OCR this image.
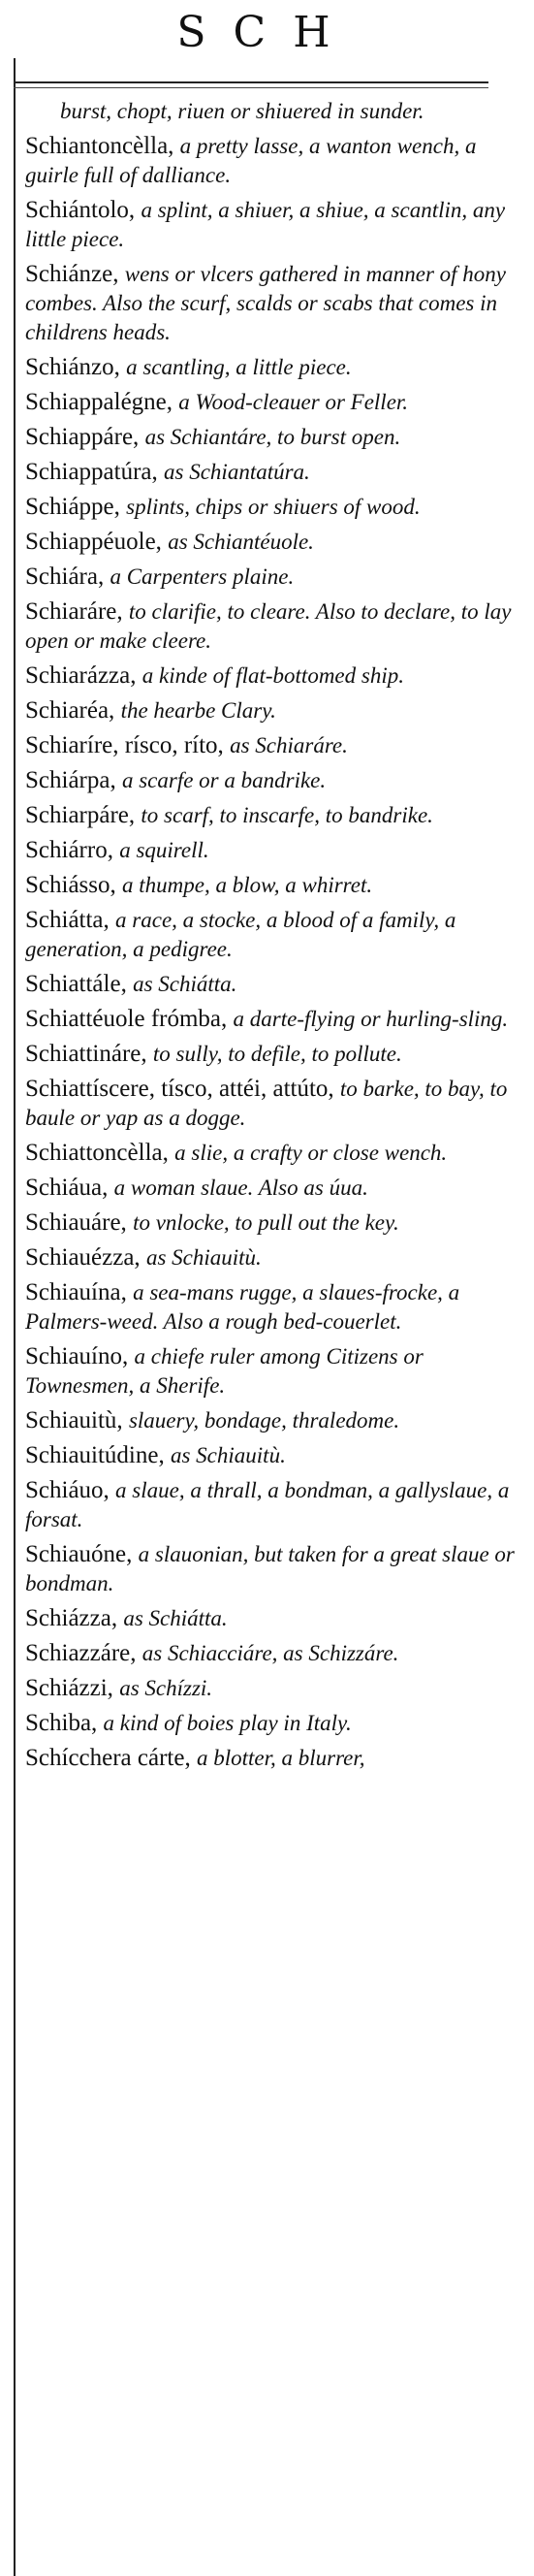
SCH
burst, chopt, riuen or shiuered in sunder.
Schiantoncèlla, a pretty lasse, a wanton wench, a guirle full of dalliance.
Schiántolo, a splint, a shiuer, a shiue, a scantlin, any little piece.
Schiánze, wens or vlcers gathered in manner of hony combes. Also the scurf, scalds or scabs that comes in childrens heads.
Schiánzo, a scantling, a little piece.
Schiappalégne, a Wood-cleauer or Feller.
Schiappáre, as Schiantáre, to burst open.
Schiappatúra, as Schiantatúra.
Schiáppe, splints, chips or shiuers of wood.
Schiappéuole, as Schiantéuole.
Schiára, a Carpenters plaine.
Schiaráre, to clarifie, to cleare. Also to declare, to lay open or make cleere.
Schiarázza, a kinde of flat-bottomed ship.
Schiaréa, the hearbe Clary.
Schiaríre, rísco, ríto, as Schiaráre.
Schiárpa, a scarfe or a bandrike.
Schiarpáre, to scarf, to inscarfe, to bandrike.
Schiárro, a squirell.
Schiásso, a thumpe, a blow, a whirret.
Schiátta, a race, a stocke, a blood of a family, a generation, a pedigree.
Schiattále, as Schiátta.
Schiattéuole frómba, a darte-flying or hurling-sling.
Schiattináre, to sully, to defile, to pollute.
Schiattíscere, tísco, attéi, attúto, to barke, to bay, to baule or yap as a dogge.
Schiattoncèlla, a slie, a crafty or close wench.
Schiáua, a woman slaue. Also as úua.
Schiauáre, to vnlocke, to pull out the key.
Schiauézza, as Schiauitù.
Schiauína, a sea-mans rugge, a slaues-frocke, a Palmers-weed. Also a rough bed-couerlet.
Schiauíno, a chiefe ruler among Citizens or Townesmen, a Sherife.
Schiauitù, slauery, bondage, thraledome.
Schiauitúdine, as Schiauitù.
Schiáuo, a slaue, a thrall, a bondman, a gallyslaue, a forsat.
Schiauóne, a slauonian, but taken for a great slaue or bondman.
Schiázza, as Schiátta.
Schiazzáre, as Schiacciáre, as Schizzáre.
Schiázzi, as Schízzi.
Schiba, a kind of boies play in Italy.
Schícchera cárte, a blotter, a blurrer,
